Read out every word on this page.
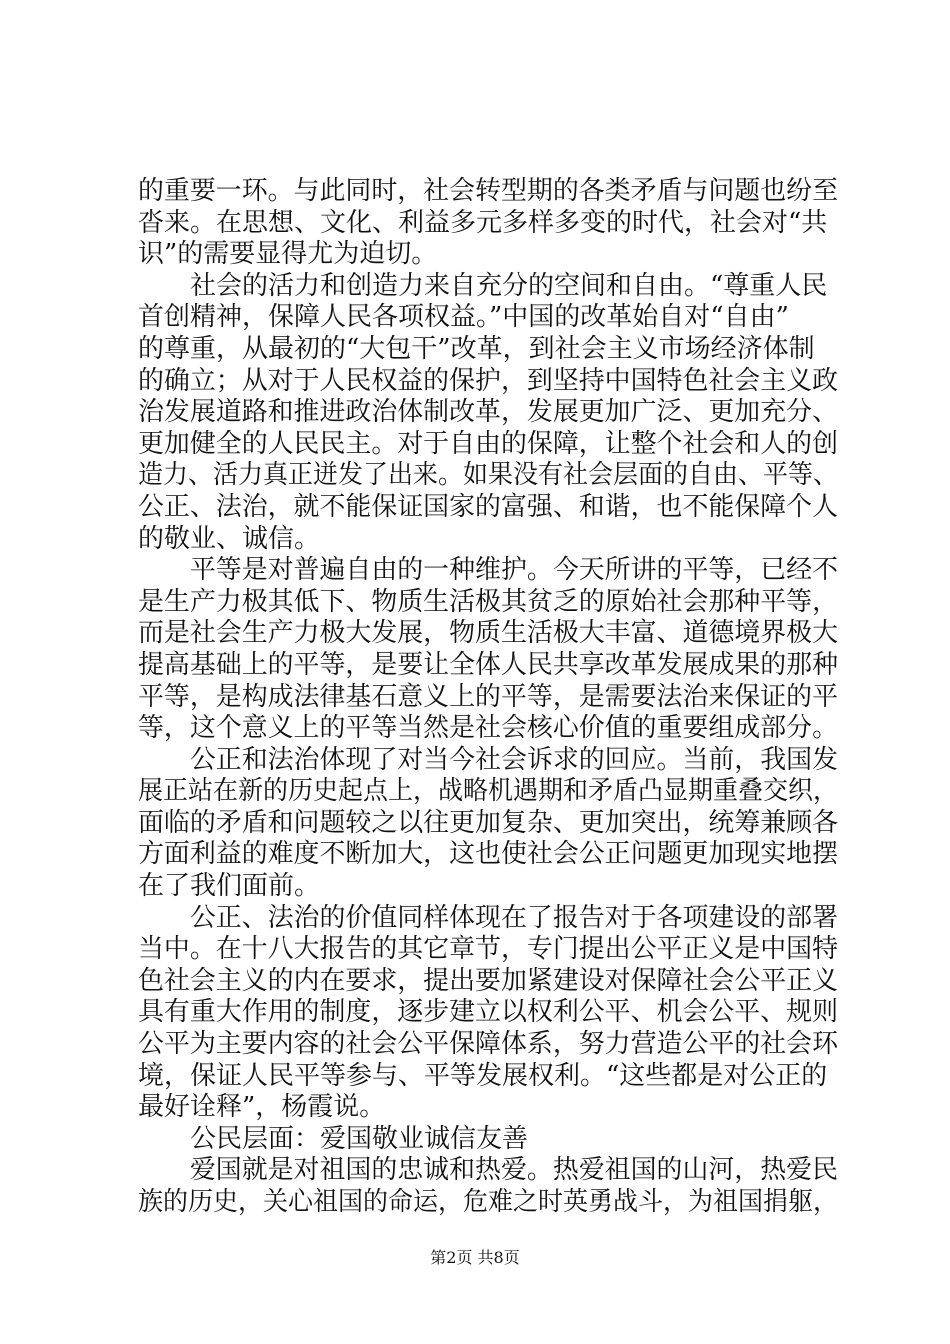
的重要一环。与此同时，社会转型期的各类矛盾与问题也纷至
沓来。在思想、文化、利益多元多样多变的时代，社会对“共
识”的需要显得尤为迫切。
　　社会的活力和创造力来自充分的空间和自由。“尊重人民
首创精神，保障人民各项权益。”中国的改革始自对“自由”
的尊重，从最初的“大包干”改革，到社会主义市场经济体制
的确立；从对于人民权益的保护，到坚持中国特色社会主义政
治发展道路和推进政治体制改革，发展更加广泛、更加充分、
更加健全的人民民主。对于自由的保障，让整个社会和人的创
造力、活力真正迸发了出来。如果没有社会层面的自由、平等、
公正、法治，就不能保证国家的富强、和谐，也不能保障个人
的敬业、诚信。
　　平等是对普遍自由的一种维护。今天所讲的平等，已经不
是生产力极其低下、物质生活极其贫乏的原始社会那种平等，
而是社会生产力极大发展，物质生活极大丰富、道德境界极大
提高基础上的平等，是要让全体人民共享改革发展成果的那种
平等，是构成法律基石意义上的平等，是需要法治来保证的平
等，这个意义上的平等当然是社会核心价值的重要组成部分。
　　公正和法治体现了对当今社会诉求的回应。当前，我国发
展正站在新的历史起点上，战略机遇期和矛盾凸显期重叠交织，
面临的矛盾和问题较之以往更加复杂、更加突出，统筹兼顾各
方面利益的难度不断加大，这也使社会公正问题更加现实地摆
在了我们面前。
　　公正、法治的价值同样体现在了报告对于各项建设的部署
当中。在十八大报告的其它章节，专门提出公平正义是中国特
色社会主义的内在要求，提出要加紧建设对保障社会公平正义
具有重大作用的制度，逐步建立以权利公平、机会公平、规则
公平为主要内容的社会公平保障体系，努力营造公平的社会环
境，保证人民平等参与、平等发展权利。“这些都是对公正的
最好诠释”，杨霞说。
　　公民层面：爱国敬业诚信友善
　　爱国就是对祖国的忠诚和热爱。热爱祖国的山河，热爱民
族的历史，关心祖国的命运，危难之时英勇战斗，为祖国捐躯，
第2页 共8页
